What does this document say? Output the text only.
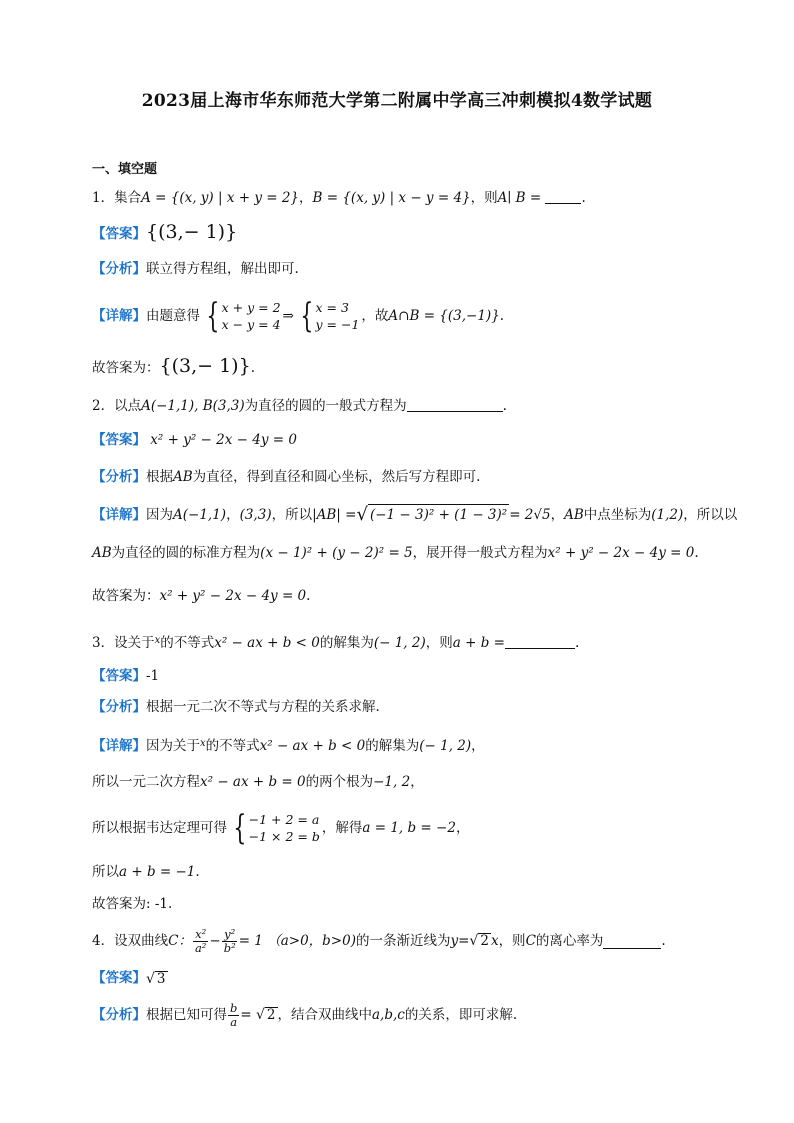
2023届上海市华东师范大学第二附属中学高三冲刺模拟4数学试题
一、填空题
1．集合A = {(x, y) | x + y = 2}，B = {(x, y) | x − y = 4}，则A∣ B =	.
【答案】{(3,− 1)}
【分析】联立得方程组，解出即可.
【详解】 由题意得 { x + y = 2
x − y = 4
⇒ { x = 3
y = −1
，故 A∩B = {(3,−1)} .
故答案为：{(3,− 1)}.
2．以点A(−1,1), B(3,3)为直径的圆的一般式方程为	.
【答案】 x² + y² − 2x − 4y = 0
【分析】根据AB为直径，得到直径和圆心坐标，然后写方程即可.
【详解】 因为 A(−1,1) ， (3,3) ，所以 |AB| = √ (−1 − 3)² + (1 − 3)² = 2√5 ， AB 中点坐标为 (1,2) ，所以以
AB为直径的圆的标准方程为(x − 1)² + (y − 2)² = 5，展开得一般式方程为x² + y² − 2x − 4y = 0.
故答案为：x² + y² − 2x − 4y = 0.
3．设关于$^x$的不等式x² − ax + b < 0的解集为(− 1, 2)，则a + b =	.
【答案】-1
【分析】根据一元二次不等式与方程的关系求解.
【详解】因为关于$^x$的不等式x² − ax + b < 0的解集为(− 1, 2)，
所以一元二次方程x² − ax + b = 0的两个根为−1, 2，
所以根据韦达定理可得 { −1 + 2 = a
−1 × 2 = b
，解得 a = 1, b = −2 ，
所以a + b = −1.
故答案为: -1.
4． 设双曲线 C： $\frac{\text{x²}}{\text{a²}} - \frac{\text{y²}}{\text{b²}} = 1$
（a>0，b>0) 的一条渐近线为 y= √ 2 x ，则 C 的离心率为	.
【答案】 √ 3
【分析】 根据已知可得 $\frac{b}{a}$ =
√ 2 ，结合双曲线中 a,b,c 的关系，即可求解.
